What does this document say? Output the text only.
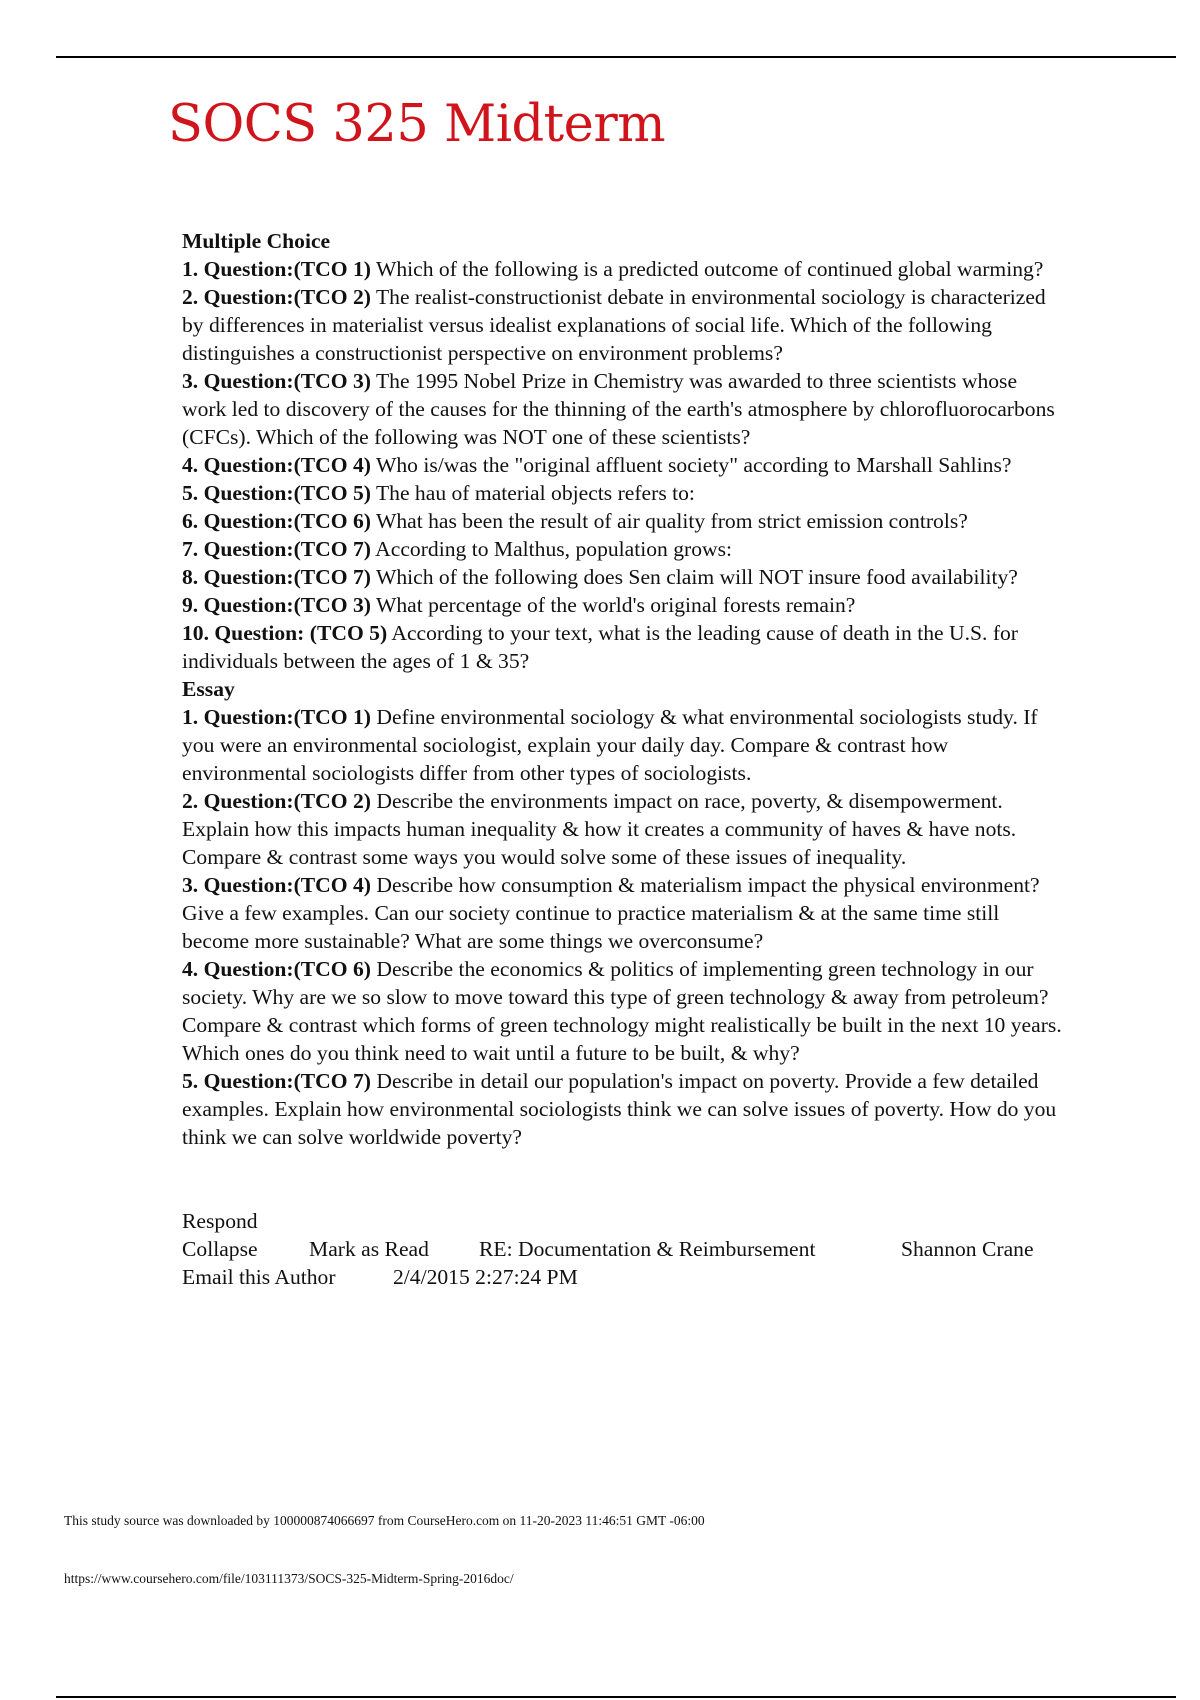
SOCS 325 Midterm
Multiple Choice

1. Question:(TCO 1) Which of the following is a predicted outcome of continued global warming?

2. Question:(TCO 2) The realist-constructionist debate in environmental sociology is characterized by differences in materialist versus idealist explanations of social life. Which of the following distinguishes a constructionist perspective on environment problems?

3. Question:(TCO 3) The 1995 Nobel Prize in Chemistry was awarded to three scientists whose work led to discovery of the causes for the thinning of the earth's atmosphere by chlorofluorocarbons (CFCs). Which of the following was NOT one of these scientists?

4. Question:(TCO 4) Who is/was the "original affluent society" according to Marshall Sahlins?

5. Question:(TCO 5) The hau of material objects refers to:

6. Question:(TCO 6) What has been the result of air quality from strict emission controls?

7. Question:(TCO 7) According to Malthus, population grows:

8. Question:(TCO 7) Which of the following does Sen claim will NOT insure food availability?

9. Question:(TCO 3) What percentage of the world's original forests remain?

10. Question: (TCO 5) According to your text, what is the leading cause of death in the U.S. for individuals between the ages of 1 & 35?

Essay

1. Question:(TCO 1) Define environmental sociology & what environmental sociologists study. If you were an environmental sociologist, explain your daily day. Compare & contrast how environmental sociologists differ from other types of sociologists.

2. Question:(TCO 2) Describe the environments impact on race, poverty, & disempowerment. Explain how this impacts human inequality & how it creates a community of haves & have nots. Compare & contrast some ways you would solve some of these issues of inequality.

3. Question:(TCO 4) Describe how consumption & materialism impact the physical environment? Give a few examples. Can our society continue to practice materialism & at the same time still become more sustainable? What are some things we overconsume?

4. Question:(TCO 6) Describe the economics & politics of implementing green technology in our society. Why are we so slow to move toward this type of green technology & away from petroleum? Compare & contrast which forms of green technology might realistically be built in the next 10 years. Which ones do you think need to wait until a future to be built, & why?

5. Question:(TCO 7) Describe in detail our population's impact on poverty. Provide a few detailed examples. Explain how environmental sociologists think we can solve issues of poverty. How do you think we can solve worldwide poverty?

Respond
Collapse Mark as Read RE: Documentation & Reimbursement	Shannon Crane
Email this Author	2/4/2015 2:27:24 PM
This study source was downloaded by 100000874066697 from CourseHero.com on 11-20-2023 11:46:51 GMT -06:00
https://www.coursehero.com/file/103111373/SOCS-325-Midterm-Spring-2016doc/
